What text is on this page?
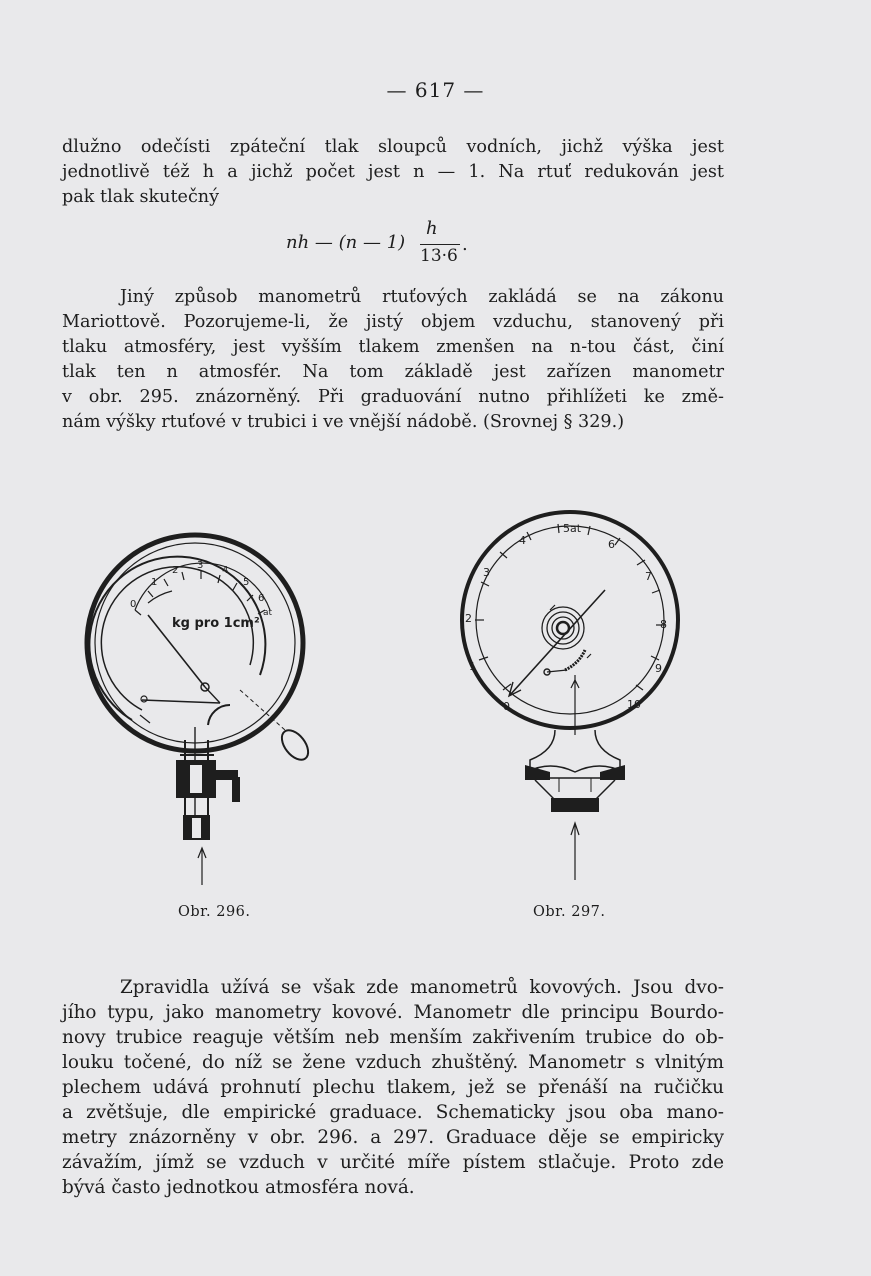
— 617 —
dlužno odečísti zpáteční tlak sloupců vodních, jichž výška jest
jednotlivě též h a jichž počet jest n — 1. Na rtuť redukován jest
pak tlak skutečný
nh — (n — 1)
h
13·6
.
Jiný způsob manometrů rtuťových zakládá se na zákonu
Mariottově. Pozorujeme-li, že jistý objem vzduchu, stanovený při
tlaku atmosféry, jest vyšším tlakem zmenšen na n-tou část, činí
tlak ten n atmosfér. Na tom základě jest zařízen manometr
v obr. 295. znázorněný. Při graduování nutno přihlížeti ke změ-
nám výšky rtuťové v trubici i ve vnější nádobě. (Srovnej § 329.)
0
1
2 3 4
5
6
at
kg pro 1cm²
Obr. 296.
0
1
2
3
4
5at
6
7
8
9
10
Obr. 297.
Zpravidla užívá se však zde manometrů kovových. Jsou dvo-
jího typu, jako manometry kovové. Manometr dle principu Bourdo-
novy trubice reaguje větším neb menším zakřivením trubice do ob-
louku točené, do níž se žene vzduch zhuštěný. Manometr s vlnitým
plechem udává prohnutí plechu tlakem, jež se přenáší na ručičku
a zvětšuje, dle empirické graduace. Schematicky jsou oba mano-
metry znázorněny v obr. 296. a 297. Graduace děje se empiricky
závažím, jímž se vzduch v určité míře pístem stlačuje. Proto zde
bývá často jednotkou atmosféra nová.
